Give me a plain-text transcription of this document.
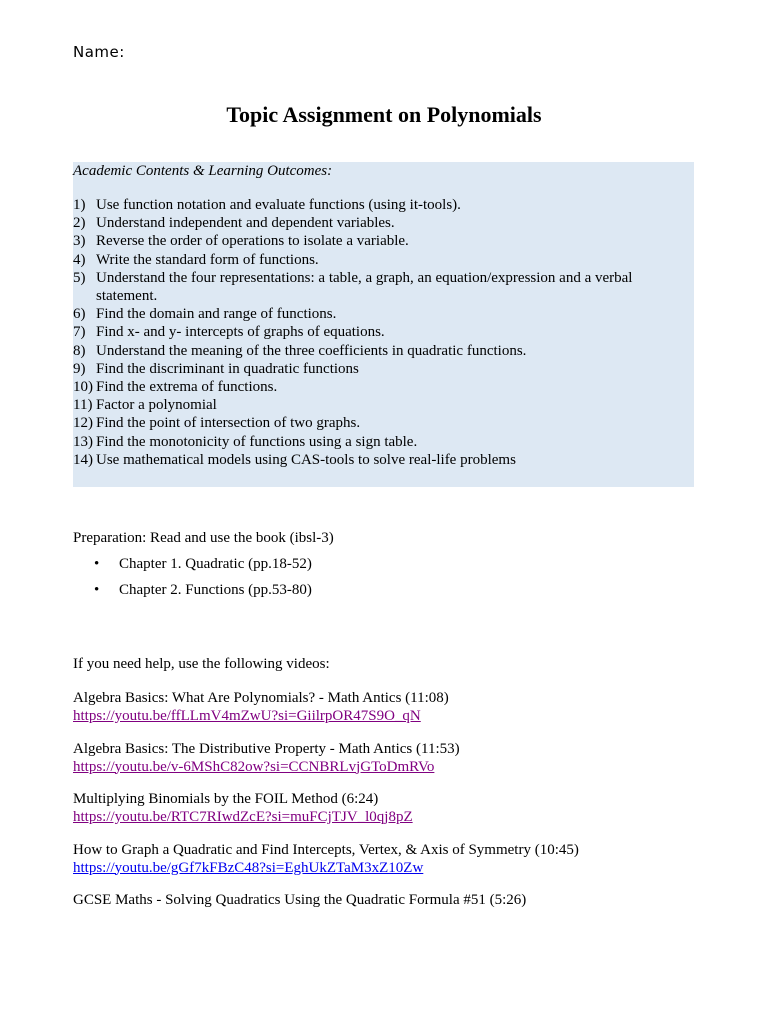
Name:
Topic Assignment on Polynomials
Academic Contents & Learning Outcomes:
1) Use function notation and evaluate functions (using it-tools).
2) Understand independent and dependent variables.
3) Reverse the order of operations to isolate a variable.
4) Write the standard form of functions.
5) Understand the four representations: a table, a graph, an equation/expression and a verbal statement.
6) Find the domain and range of functions.
7) Find x- and y- intercepts of graphs of equations.
8) Understand the meaning of the three coefficients in quadratic functions.
9) Find the discriminant in quadratic functions
10) Find the extrema of functions.
11) Factor a polynomial
12) Find the point of intersection of two graphs.
13) Find the monotonicity of functions using a sign table.
14) Use mathematical models using CAS-tools to solve real-life problems
Preparation: Read and use the book (ibsl-3)
• Chapter 1. Quadratic (pp.18-52)
• Chapter 2. Functions (pp.53-80)
If you need help, use the following videos:
Algebra Basics: What Are Polynomials? - Math Antics (11:08)
https://youtu.be/ffLLmV4mZwU?si=GiilrpOR47S9O_qN
Algebra Basics: The Distributive Property - Math Antics (11:53)
https://youtu.be/v-6MShC82ow?si=CCNBRLvjGToDmRVo
Multiplying Binomials by the FOIL Method (6:24)
https://youtu.be/RTC7RIwdZcE?si=muFCjTJV_l0qj8pZ
How to Graph a Quadratic and Find Intercepts, Vertex, & Axis of Symmetry (10:45)
https://youtu.be/gGf7kFBzC48?si=EghUkZTaM3xZ10Zw
GCSE Maths - Solving Quadratics Using the Quadratic Formula #51 (5:26)
